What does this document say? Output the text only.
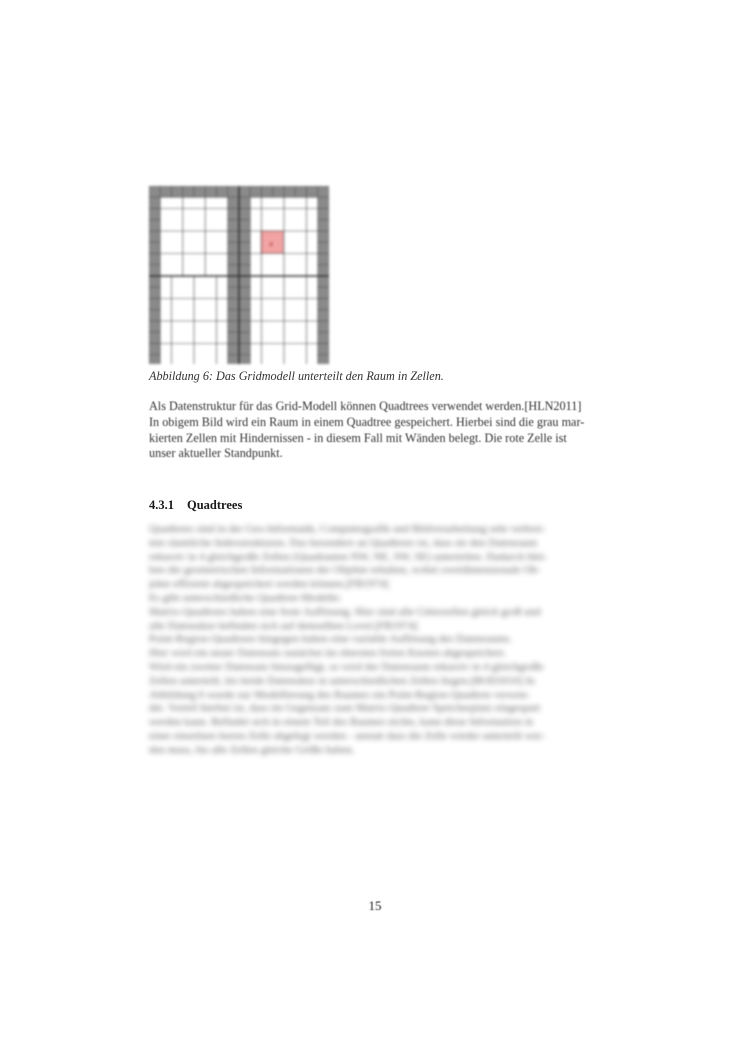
a
Abbildung 6: Das Gridmodell unterteilt den Raum in Zellen.

Als Datenstruktur für das Grid-Modell können Quadtrees verwendet werden.[HLN2011]

In obigem Bild wird ein Raum in einem Quadtree gespeichert. Hierbei sind die grau mar-

kierten Zellen mit Hindernissen - in diesem Fall mit Wänden belegt. Die rote Zelle ist

unser aktueller Standpunkt.

4.3.1 Quadtrees
Quadtrees sind in der Geo-Informatik, Computergrafik und Bildverarbeitung sehr verbrei-
tete räumliche Indexstrukturen. Das besondere an Quadtrees ist, dass sie den Datenraum
rekursiv in 4 gleichgroße Zellen (Quadranten NW, NE, SW, SE) unterteilen. Dadurch blei-
ben die geometrischen Informationen der Objekte erhalten, wobei zweidimensionale Ob-
jekte effizient abgespeichert werden können.[FB1974]
Es gibt unterschiedliche Quadtree-Modelle:
Matrix-Quadtrees haben eine feste Auflösung. Hier sind alle Gitterzellen gleich groß und
alle Datensätze befinden sich auf demselben Level.[FB1974]
Point-Region-Quadtrees hingegen haben eine variable Auflösung des Datenraums.
Hier wird ein neuer Datensatz zunächst im obersten freien Knoten abgespeichert.
Wird ein zweiter Datensatz hinzugefügt, so wird der Datenraum rekursiv in 4 gleichgroße
Zellen unterteilt, bis beide Datensätze in unterschiedlichen Zellen liegen.[BOD2010] In
Abbildung 6 wurde zur Modellierung des Raumes ein Point-Region-Quadtree verwen-
det. Vorteil hierbei ist, dass im Gegensatz zum Matrix-Quadtree Speicherplatz eingespart
werden kann. Befindet sich in einem Teil des Raumes nichts, kann diese Information in
einer einzelnen leeren Zelle abgelegt werden - anstatt dass die Zelle wieder unterteilt wer-
den muss, bis alle Zellen gleiche Größe haben.
15
